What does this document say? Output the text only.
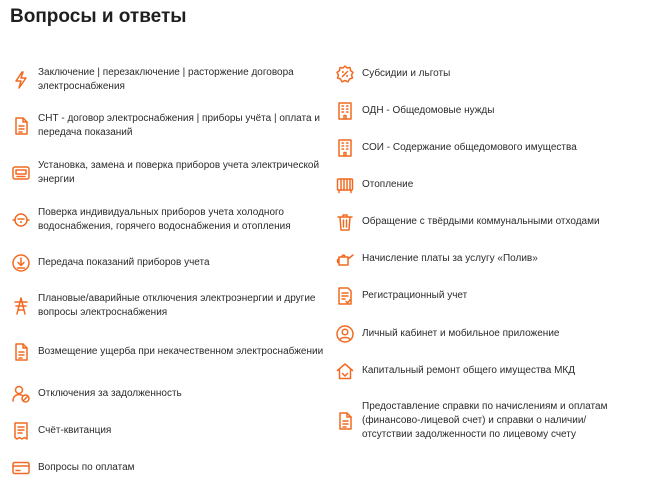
Вопросы и ответы
Заключение | перезаключение | расторжение договора электроснабжения
СНТ - договор электроснабжения | приборы учёта | оплата и передача показаний
Установка, замена и поверка приборов учета электрической энергии
Поверка индивидуальных приборов учета холодного водоснабжения, горячего водоснабжения и отопления
Передача показаний приборов учета
Плановые/аварийные отключения электроэнергии и другие вопросы электроснабжения
Возмещение ущерба при некачественном электроснабжении
Отключения за задолженность
Счёт-квитанция
Вопросы по оплатам
Субсидии и льготы
ОДН - Общедомовые нужды
СОИ - Содержание общедомового имущества
Отопление
Обращение с твёрдыми коммунальными отходами
Начисление платы за услугу «Полив»
Регистрационный учет
Личный кабинет и мобильное приложение
Капитальный ремонт общего имущества МКД
Предоставление справки по начислениям и оплатам (финансово-лицевой счет) и справки о наличии/отсутствии задолженности по лицевому счету
